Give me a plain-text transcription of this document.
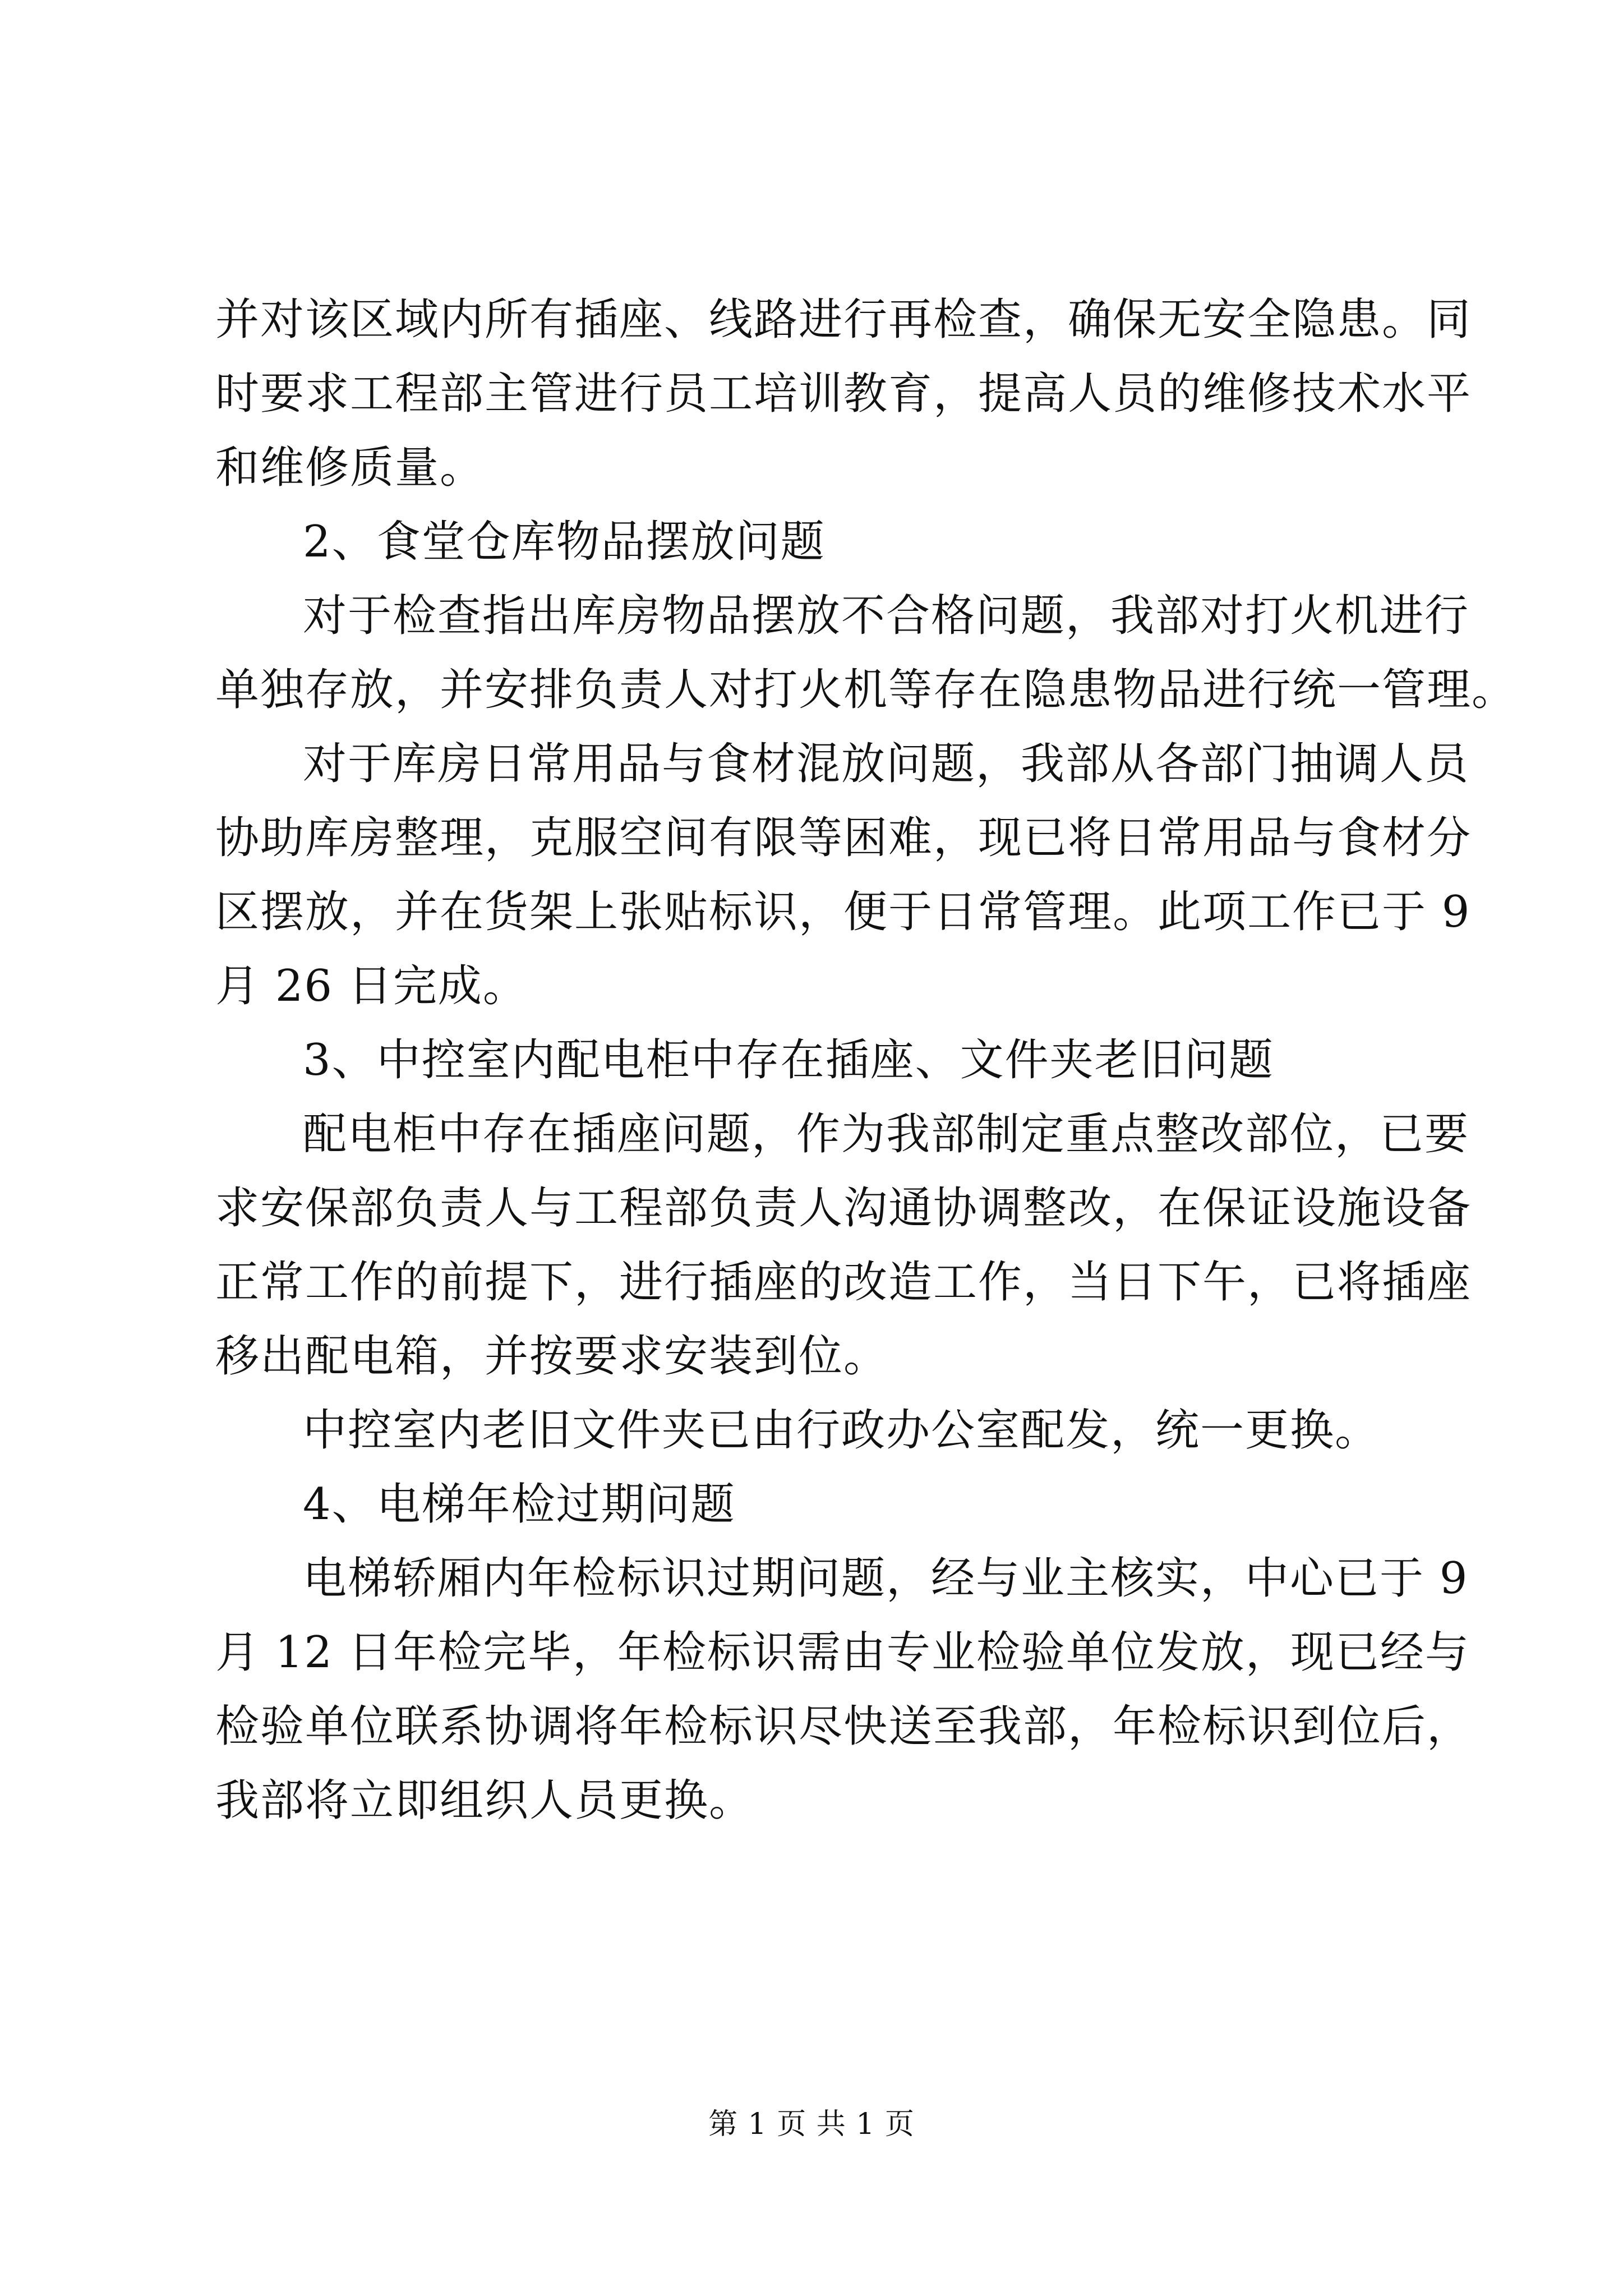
并对该区域内所有插座、线路进行再检查，确保无安全隐患。同
时要求工程部主管进行员工培训教育，提高人员的维修技术水平
和维修质量。
2、食堂仓库物品摆放问题
对于检查指出库房物品摆放不合格问题，我部对打火机进行
单独存放，并安排负责人对打火机等存在隐患物品进行统一管理。
对于库房日常用品与食材混放问题，我部从各部门抽调人员
协助库房整理，克服空间有限等困难，现已将日常用品与食材分
区摆放，并在货架上张贴标识，便于日常管理。此项工作已于 9
月 26 日完成。
3、中控室内配电柜中存在插座、文件夹老旧问题
配电柜中存在插座问题，作为我部制定重点整改部位，已要
求安保部负责人与工程部负责人沟通协调整改，在保证设施设备
正常工作的前提下，进行插座的改造工作，当日下午，已将插座
移出配电箱，并按要求安装到位。
中控室内老旧文件夹已由行政办公室配发，统一更换。
4、电梯年检过期问题
电梯轿厢内年检标识过期问题，经与业主核实，中心已于 9
月 12 日年检完毕，年检标识需由专业检验单位发放，现已经与
检验单位联系协调将年检标识尽快送至我部，年检标识到位后，
我部将立即组织人员更换。
第 1 页 共 1 页
